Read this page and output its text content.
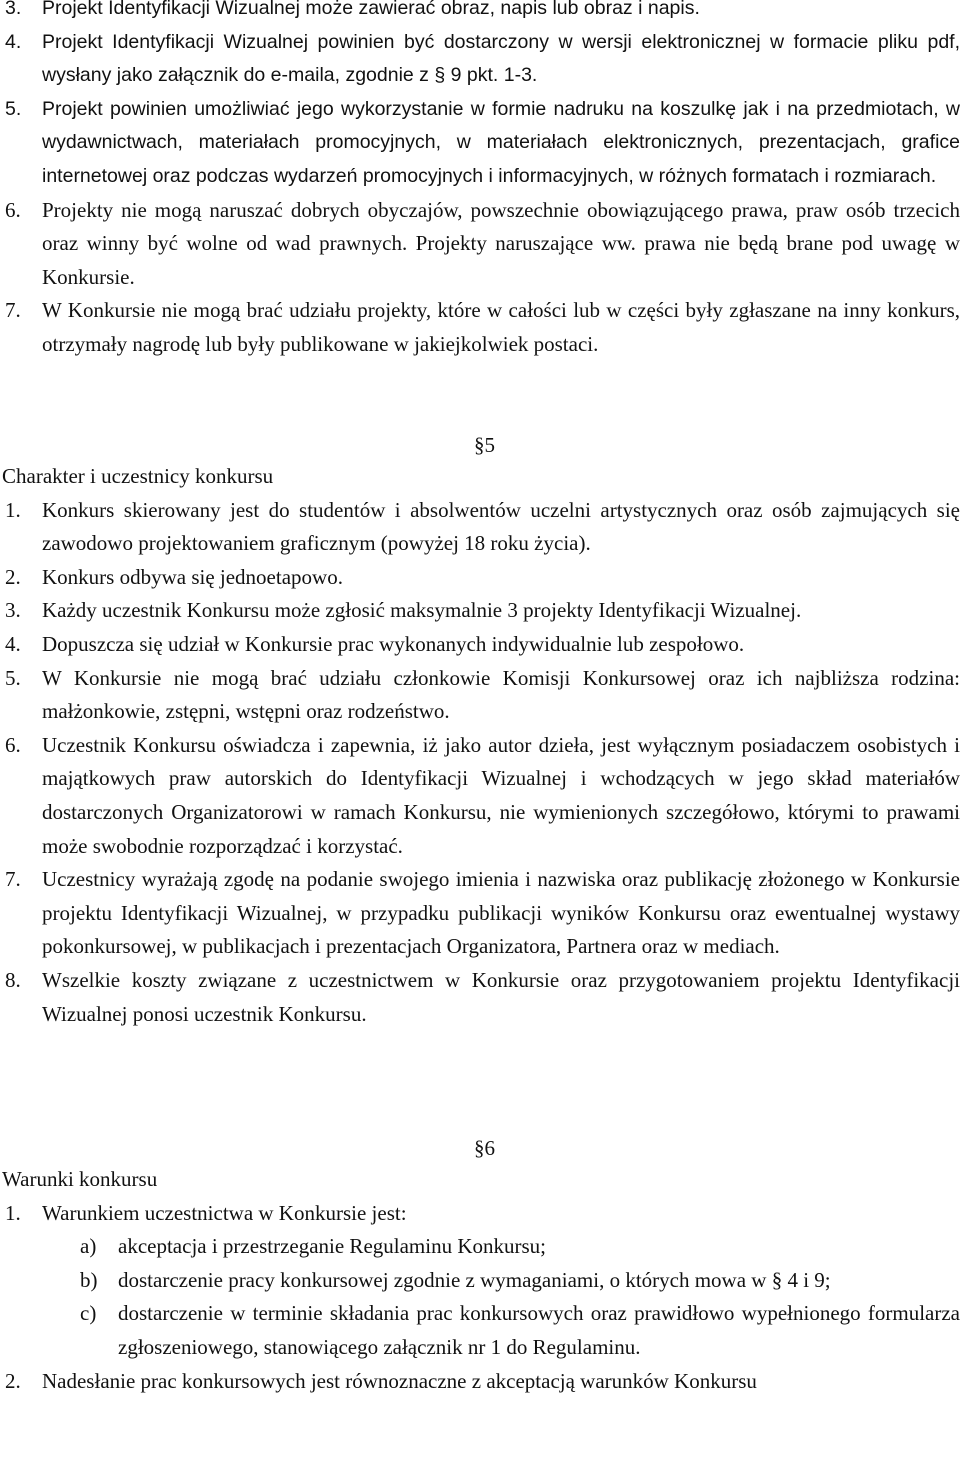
3. Projekt Identyfikacji Wizualnej może zawierać obraz, napis lub obraz i napis.
4. Projekt Identyfikacji Wizualnej powinien być dostarczony w wersji elektronicznej w formacie pliku pdf, wysłany jako załącznik do e-maila, zgodnie z § 9 pkt. 1-3.
5. Projekt powinien umożliwiać jego wykorzystanie w formie nadruku na koszulkę jak i na przedmiotach, w wydawnictwach, materiałach promocyjnych, w materiałach elektronicznych, prezentacjach, grafice internetowej oraz podczas wydarzeń promocyjnych i informacyjnych, w różnych formatach i rozmiarach.
6. Projekty nie mogą naruszać dobrych obyczajów, powszechnie obowiązującego prawa, praw osób trzecich oraz winny być wolne od wad prawnych. Projekty naruszające ww. prawa nie będą brane pod uwagę w Konkursie.
7. W Konkursie nie mogą brać udziału projekty, które w całości lub w części były zgłaszane na inny konkurs, otrzymały nagrodę lub były publikowane w jakiejkolwiek postaci.

§5

Charakter i uczestnicy konkursu

1. Konkurs skierowany jest do studentów i absolwentów uczelni artystycznych oraz osób zajmujących się zawodowo projektowaniem graficznym (powyżej 18 roku życia).
2. Konkurs odbywa się jednoetapowo.
3. Każdy uczestnik Konkursu może zgłosić maksymalnie 3 projekty Identyfikacji Wizualnej.
4. Dopuszcza się udział w Konkursie prac wykonanych indywidualnie lub zespołowo.
5. W Konkursie nie mogą brać udziału członkowie Komisji Konkursowej oraz ich najbliższa rodzina: małżonkowie, zstępni, wstępni oraz rodzeństwo.
6. Uczestnik Konkursu oświadcza i zapewnia, iż jako autor dzieła, jest wyłącznym posiadaczem osobistych i majątkowych praw autorskich do Identyfikacji Wizualnej i wchodzących w jego skład materiałów dostarczonych Organizatorowi w ramach Konkursu, nie wymienionych szczegółowo, którymi to prawami może swobodnie rozporządzać i korzystać.
7. Uczestnicy wyrażają zgodę na podanie swojego imienia i nazwiska oraz publikację złożonego w Konkursie projektu Identyfikacji Wizualnej, w przypadku publikacji wyników Konkursu oraz ewentualnej wystawy pokonkursowej, w publikacjach i prezentacjach Organizatora, Partnera oraz w mediach.
8. Wszelkie koszty związane z uczestnictwem w Konkursie oraz przygotowaniem projektu Identyfikacji Wizualnej ponosi uczestnik Konkursu.

§6

Warunki konkursu

1. Warunkiem uczestnictwa w Konkursie jest:
a) akceptacja i przestrzeganie Regulaminu Konkursu;
b) dostarczenie pracy konkursowej zgodnie z wymaganiami, o których mowa w § 4 i 9;
c) dostarczenie w terminie składania prac konkursowych oraz prawidłowo wypełnionego formularza zgłoszeniowego, stanowiącego załącznik nr 1 do Regulaminu.
2. Nadesłanie prac konkursowych jest równoznaczne z akceptacją warunków Konkursu
